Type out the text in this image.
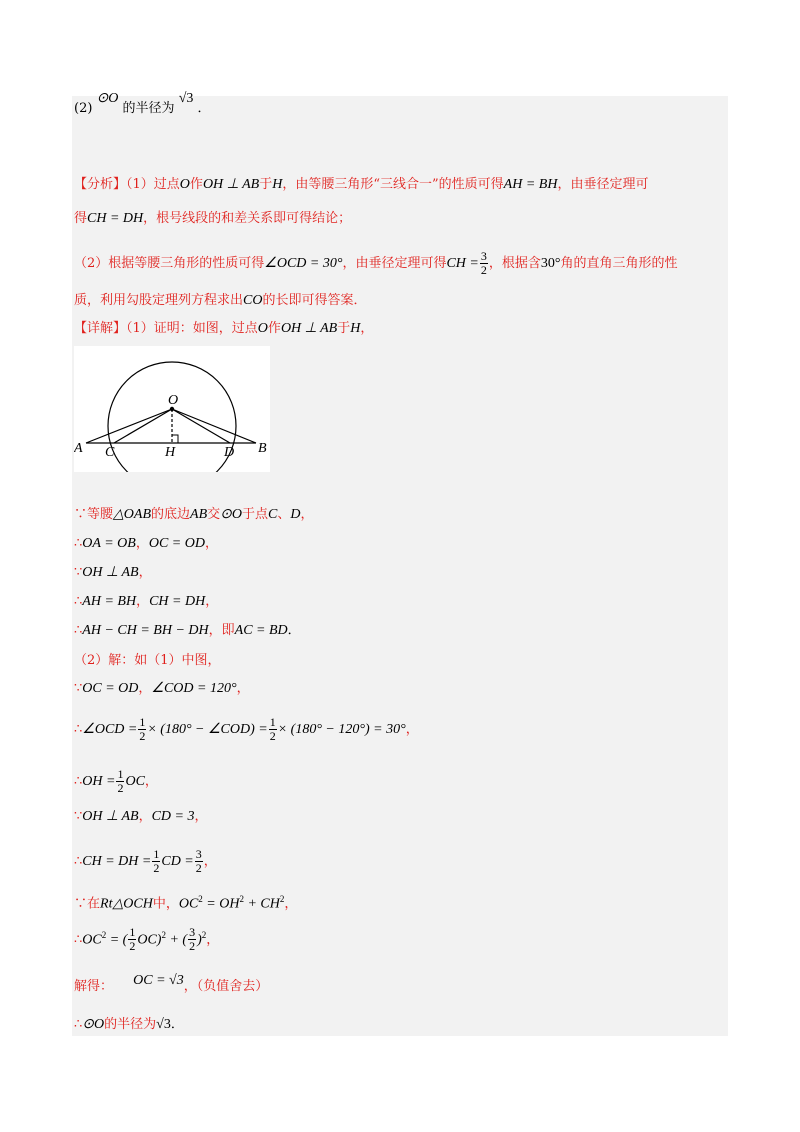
(2) ⊙O 的半径为 √3 ．
【分析】（1）过点O作OH ⊥ AB于H，由等腰三角形“三线合一”的性质可得AH = BH，由垂径定理可
得CH = DH，根号线段的和差关系即可得结论；
（2）根据等腰三角形的性质可得∠OCD = 30°，由垂径定理可得CH = $\frac{3}{2}$ ，根据含30°角的直角三角形的性
质，利用勾股定理列方程求出CO的长即可得答案．
【详解】（1）证明：如图，过点O作OH ⊥ AB于H，
O
A C	H	D B
∵等腰△OAB的底边AB交⊙O于点C、D，
∴OA = OB，OC = OD，
∵OH ⊥ AB，
∴AH = BH，CH = DH，
∴AH − CH = BH − DH，即AC = BD．
（2）解：如（1）中图，
∵OC = OD，∠COD = 120°，
∴∠OCD = $\frac{1}{2} \times (180^\circ$ − ∠COD) = $\frac{1}{2} \times (180^\circ - 120^\circ) = 30^\circ$，
∴OH = $\frac{1}{2}$ OC，
∵OH ⊥ AB，CD = 3，
∴CH = DH = $\frac{1}{2}$ CD = $\frac{3}{2}$ ，
∵在Rt△OCH中，$OC^2 = OH^2 + CH^2$，
$\therefore OC^2$ = ( $\frac{1}{2} OC)^2$ + ( $\frac{3}{2} )^2$，
解得： OC = √3，（负值舍去）
∴⊙O的半径为√3．
